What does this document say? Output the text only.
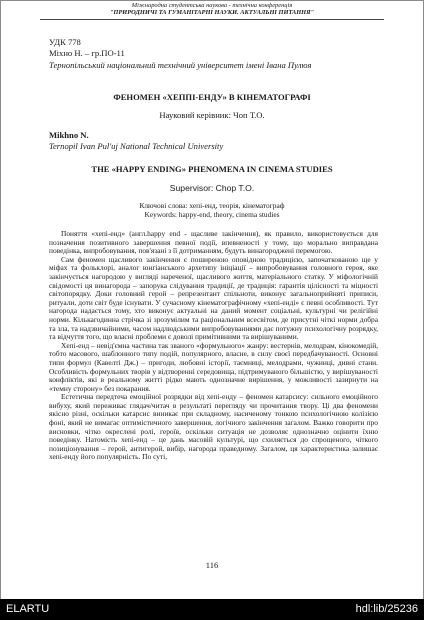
Міжнародна студентська наукова - технічна конференція
"ПРИРОДНИЧІ ТА ГУМАНІТАРНІ НАУКИ. АКТУАЛЬНІ ПИТАННЯ"
УДК 778
Міхно Н. – гр.ПО-11
Тернопільський національний технічний університет імені Івана Пулюя
ФЕНОМЕН «ХЕППІ-ЕНДУ» В КІНЕМАТОГРАФІ
Науковий керівник: Чоп Т.О.
Mikhno N.
Ternopil Ivan Pul'uj National Technical University
THE «HAPPY ENDING» PHENOMENA IN CINEMA STUDIES
Supervisor: Chop T.O.
Ключові слова: хепі-енд, теорія, кінематограф
Keywords: happy-end, theory, cinema studies

Поняття «хепі-енд» (англ.happy end - щасливе закінчення), як правило, використовується для позначення позитивного завершення певної події, впевненості у тому, що морально виправдана поведінка, випробовування, пов'язані з її дотриманням, будуть винагороджені перемогою.

Сам феномен щасливого закінчення є поширеною оповідною традицією, започаткованою ще у міфах та фольклорі, аналог юнгіанського архетипу ініціації – випробовування головного героя, яке закінчується нагородою у вигляді нареченої, щасливого життя, матеріального статку. У міфологічній свідомості ця винагорода – запорука слідування традиції, де традиція: гарантія цілісності та міцності світопорядку. Доки головний герой – репрезентант спільноти, виконує загальноприйняті приписи, ритуали, доти світ буде існувати. У сучасному кінематографічному «хепі-енді» є певні особливості. Тут нагорода надається тому, хто виконує актуальні на даний момент соціальні, культурні чи релігійні норми. Кількагодинна стрічка зі зрозумілим та раціональним всесвітом, де присутні чіткі норми добра та зла, та надзвичайними, часом надлюдськими випробовуваннями дає потужну психологічну розрядку, та відчуття того, що власні проблеми є доволі примітивними та вирішуваними.

Хепі-енд – невід'ємна частина так званого «формульного» жанру: вестернів, мелодрам, кінокомедій, тобто масового, шаблонного типу подій, популярного, власне, в силу своєї передбачуваності. Основні типи формул (Кавелті Дж.) – пригоди, любовні історії, таємниці, мелодрами, чужинці, дивні стани. Особливість формульних творів у відтворенні середовища, підтримуваного більшістю, у вирішуваності конфліктів, які в реальному житті рідко мають однозначне вирішення, у можливості зазирнути на «темну сторону» без покарання.

Естетична передтеча емоційної розрядки від хепі-енду – феномен катарсису: сильного емоційного вибуху, який переживає глядач/читач в результаті перегляду чи прочитання твору. Ці два феномени якісно різні, оскільки катарсис виникає при складному, насиченому тонкою психологічною колізією фоні, який не вимагає оптимістичного завершення, логічного закінчення загалом. Важко говорити про висновки, чітко окреслені ролі, героїв, оскільки ситуація не дозволяє однозначно оцінити їхню поведінку. Натомість хепі-енд – це дань масовій культурі, що схиляється до спрощеного, чіткого позиціонування – герой, антигерой, вибір, нагорода праведному. Загалом, ця характеристика залишає хепі-енду його популярність. По суті,

116
ELARTU	hdl:lib/25236
